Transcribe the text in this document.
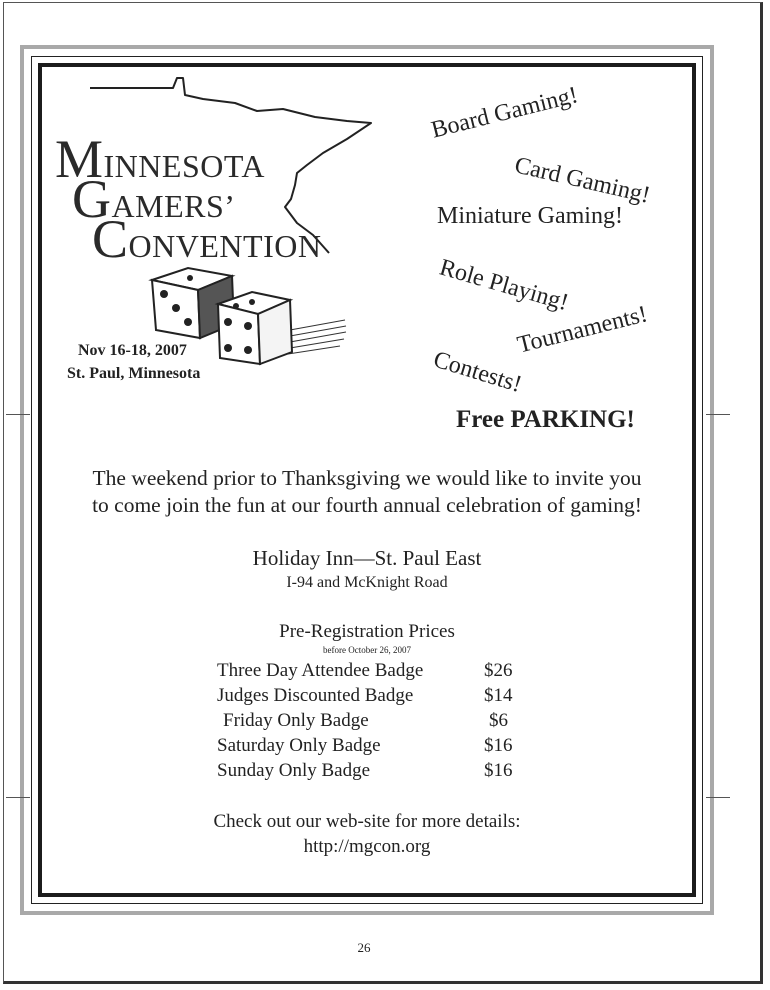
MINNESOTA
GAMERS’
CONVENTION
Nov 16-18, 2007
St. Paul, Minnesota
Board Gaming!
Card Gaming!
Miniature Gaming!
Role Playing!
Tournaments!
Contests!
Free PARKING!
The weekend prior to Thanksgiving we would like to invite you
to come join the fun at our fourth annual celebration of gaming!
Holiday Inn—St. Paul East
I-94 and McKnight Road
Pre-Registration Prices
before October 26, 2007
Three Day Attendee Badge	$26
Judges Discounted Badge	$14
Friday Only Badge	$6
Saturday Only Badge	$16
Sunday Only Badge	$16
Check out our web-site for more details:
http://mgcon.org
26
